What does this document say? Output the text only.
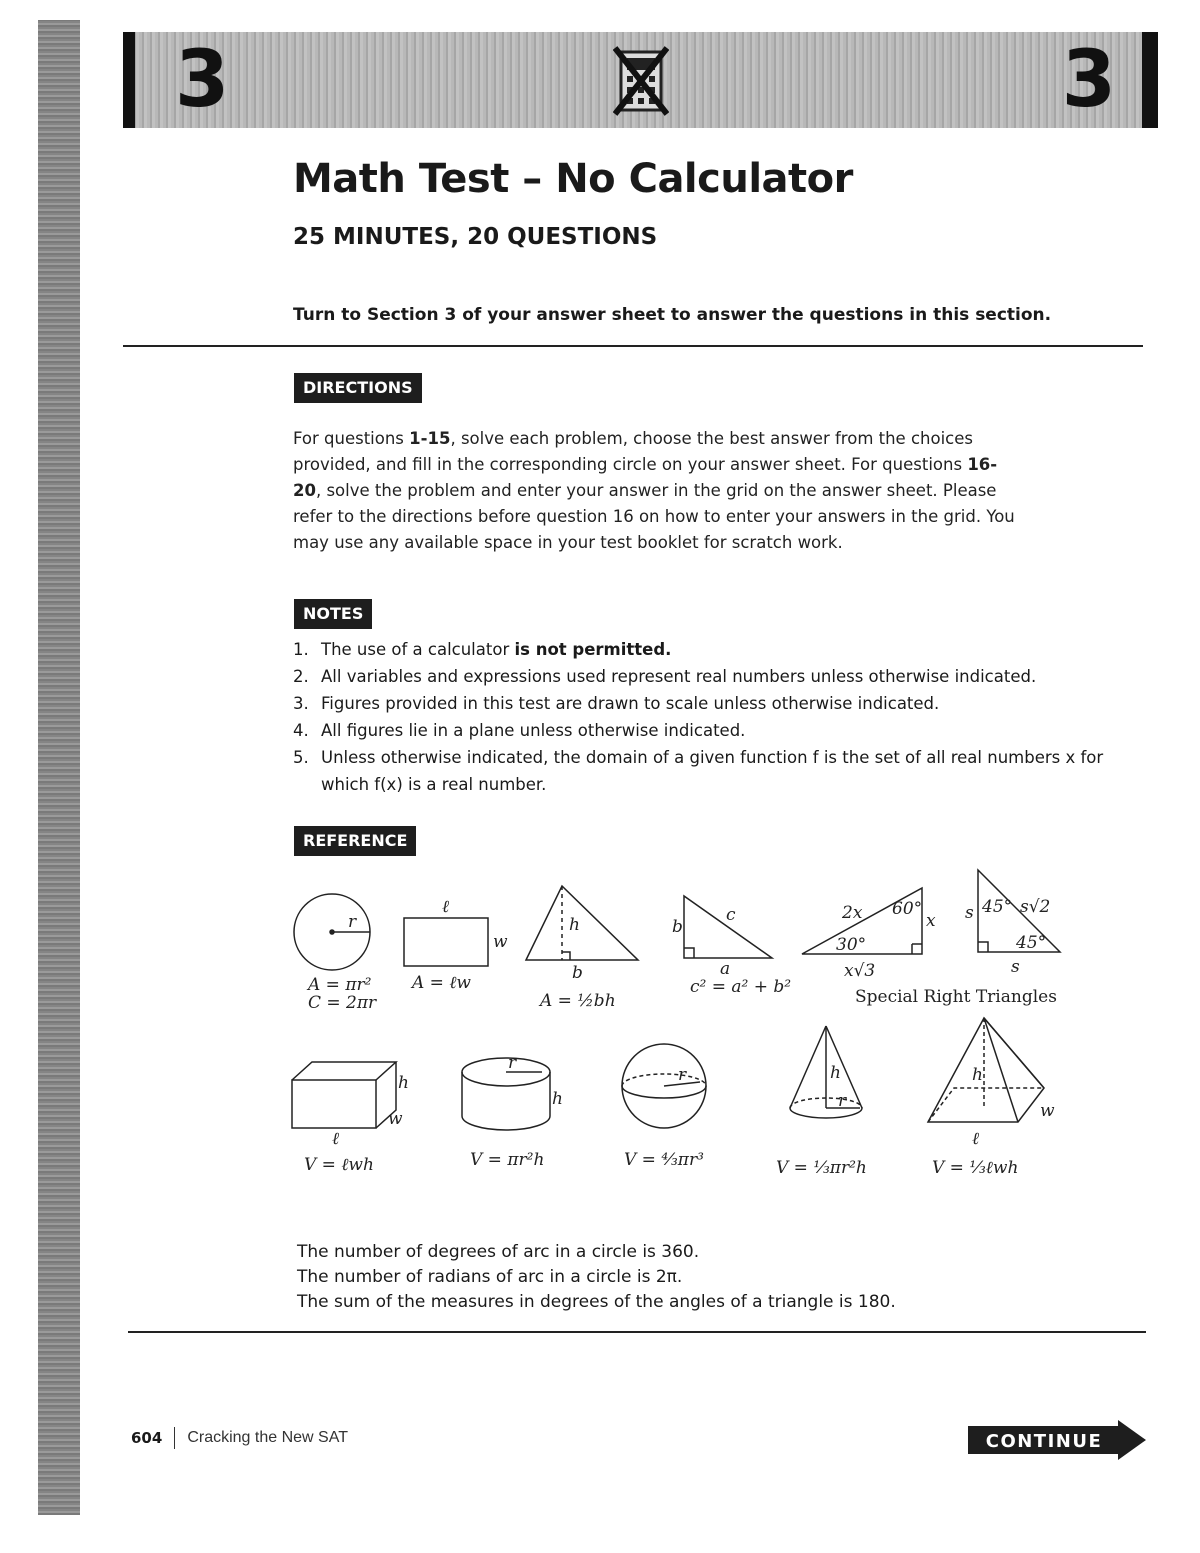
3	3
Math Test – No Calculator
25 MINUTES, 20 QUESTIONS
Turn to Section 3 of your answer sheet to answer the questions in this section.
DIRECTIONS
For questions 1-15, solve each problem, choose the best answer from the choices provided, and fill in the corresponding circle on your answer sheet. For questions 16-20, solve the problem and enter your answer in the grid on the answer sheet. Please refer to the directions before question 16 on how to enter your answers in the grid. You may use any available space in your test booklet for scratch work.
NOTES
1. The use of a calculator is not permitted.
2. All variables and expressions used represent real numbers unless otherwise indicated.
3. Figures provided in this test are drawn to scale unless otherwise indicated.
4. All figures lie in a plane unless otherwise indicated.
5. Unless otherwise indicated, the domain of a given function f is the set of all real numbers x for which f(x) is a real number.
REFERENCE
r
A = πr²
C = 2πr
ℓ
w
A = ℓw
h
b
A = ½bh
b
c
a
c² = a² + b²
2x 60°
x
30°
x√3
s 45° s√2
45°
s
Special Right Triangles
h
w
ℓ
V = ℓwh
r
h
V = πr²h
r
V = ⁴⁄₃πr³
h
r
V = ⅓πr²h
h
w
ℓ
V = ⅓ℓwh
The number of degrees of arc in a circle is 360.
The number of radians of arc in a circle is 2π.
The sum of the measures in degrees of the angles of a triangle is 180.
604 Cracking the New SAT	CONTINUE
